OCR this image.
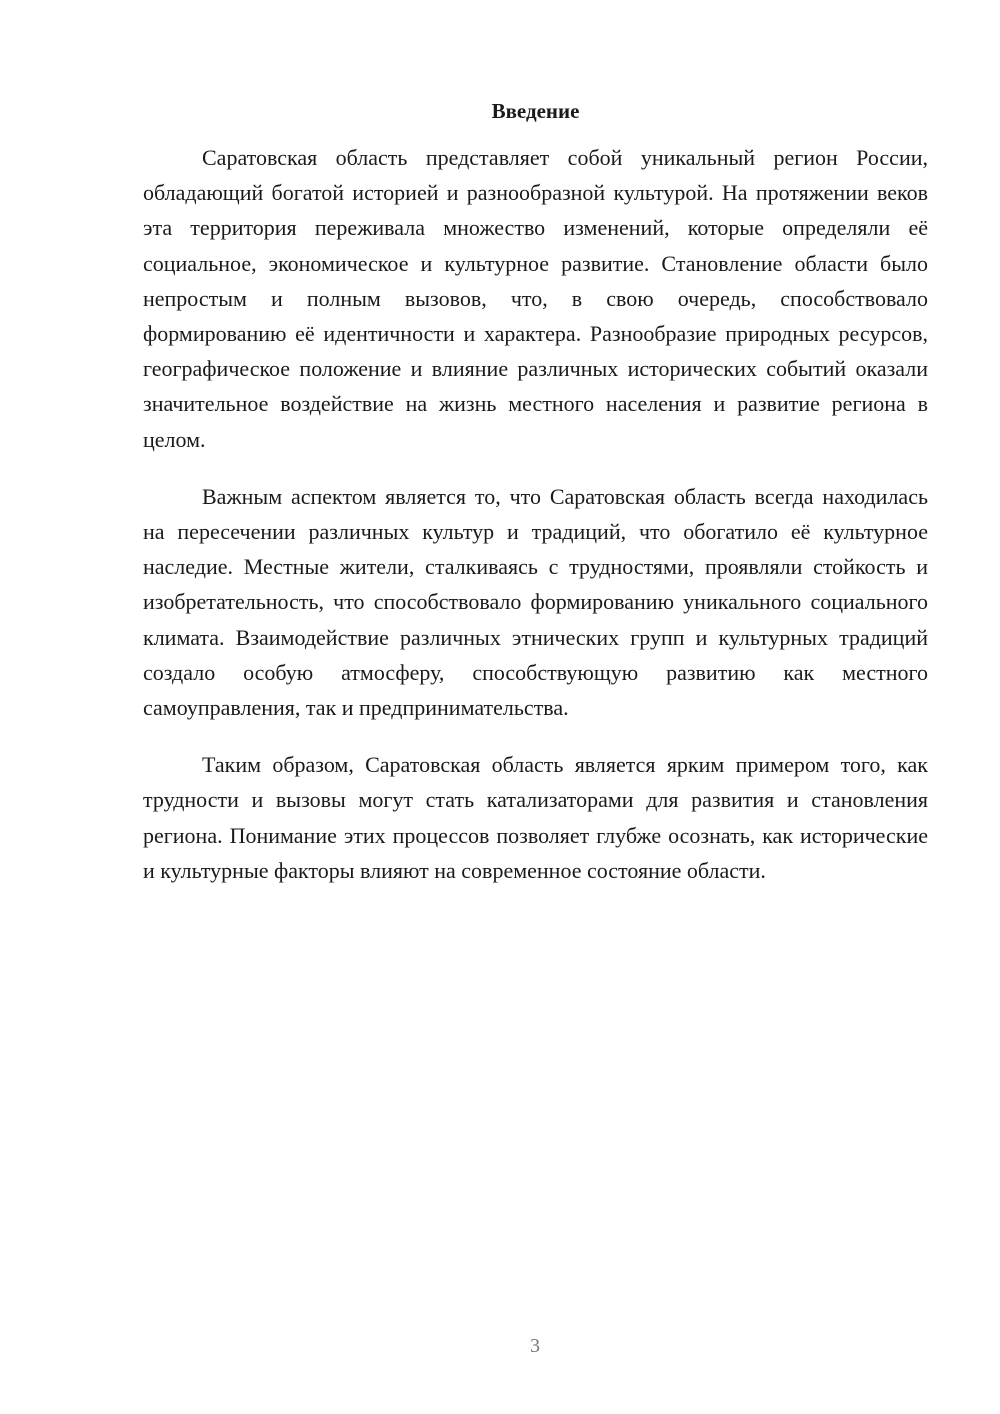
Введение

Саратовская область представляет собой уникальный регион России, обладающий богатой историей и разнообразной культурой. На протяжении веков эта территория переживала множество изменений, которые определяли её социальное, экономическое и культурное развитие. Становление области было непростым и полным вызовов, что, в свою очередь, способствовало формированию её идентичности и характера. Разнообразие природных ресурсов, географическое положение и влияние различных исторических событий оказали значительное воздействие на жизнь местного населения и развитие региона в целом.

Важным аспектом является то, что Саратовская область всегда находилась на пересечении различных культур и традиций, что обогатило её культурное наследие. Местные жители, сталкиваясь с трудностями, проявляли стойкость и изобретательность, что способствовало формированию уникального социального климата. Взаимодействие различных этнических групп и культурных традиций создало особую атмосферу, способствующую развитию как местного самоуправления, так и предпринимательства.

Таким образом, Саратовская область является ярким примером того, как трудности и вызовы могут стать катализаторами для развития и становления региона. Понимание этих процессов позволяет глубже осознать, как исторические и культурные факторы влияют на современное состояние области.

3
